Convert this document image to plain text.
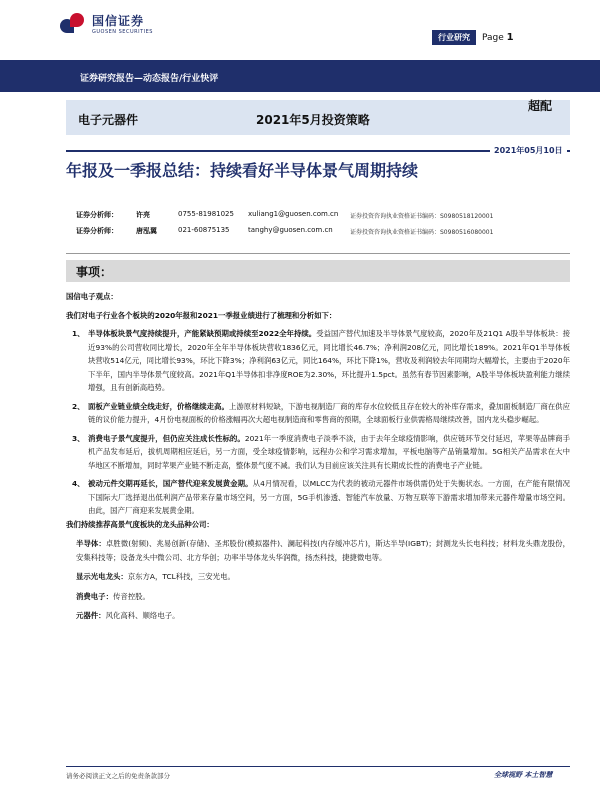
国信证券
GUOSEN SECURITIES
行业研究	Page 1
证券研究报告—动态报告/行业快评
电子元器件	2021年5月投资策略
超配
2021年05月10日
年报及一季报总结：持续看好半导体景气周期持续
证券分析师：	许亮	0755-81981025	xuliang1@guosen.com.cn	证券投资咨询执业资格证书编码：S0980518120001
证券分析师：	唐泓翼	021-60875135	tanghy@guosen.com.cn	证券投资咨询执业资格证书编码：S0980516080001
事项：

国信电子观点：

我们对电子行业各个板块的2020年报和2021一季报业绩进行了梳理和分析如下：

1、 半导体板块景气度持续提升，产能紧缺预期或持续至2022全年持续。受益国产替代加速及半导体景气度较高，2020年及21Q1 A股半导体板块：接近93%的公司营收同比增长，2020年全年半导体板块营收1836亿元，同比增长46.7%；净利润208亿元，同比增长189%。2021年Q1半导体板块营收514亿元，同比增长93%，环比下降3%；净利润63亿元，同比164%，环比下降1%，营收及利润较去年同期均大幅增长，主要由于2020年下半年，国内半导体景气度较高。2021年Q1半导体扣非净度ROE为2.30%，环比提升1.5pct。虽然有春节因素影响，A股半导体板块盈利能力继续增强，且有创新高趋势。
2、 面板产业链业绩全线走好，价格继续走高。上游原材料短缺，下游电视制造厂商的库存水位较低且存在较大的补库存需求，叠加面板制造厂商在供应链的议价能力提升，4月份电视面板的价格涨幅再次大超电视制造商和零售商的预期，全球面板行业供需格局继续改善，国内龙头稳步崛起。
3、 消费电子景气度提升，但仍应关注成长性标的。2021年一季度消费电子淡季不淡，由于去年全球疫情影响，供应链环节交付延迟，苹果等品牌商手机产品发布延后，拔机周期相应延后，另一方面，受全球疫情影响，远程办公和学习需求增加，平板电脑等产品销量增加。5G相关产品需求在大中华地区不断增加，同时苹果产业链不断走高，整体景气度不减。我们认为目前应该关注具有长期成长性的消费电子产业链。
4、 被动元件交期再延长，国产替代迎来发展黄金期。从4月情况看，以MLCC为代表的被动元器件市场供需仍处于失衡状态。一方面，在产能有限情况下国际大厂选择退出低利润产品带来存量市场空间，另一方面，5G手机渗透、智能汽车放量、万物互联等下游需求增加带来元器件增量市场空间。由此，国产厂商迎来发展黄金期。

我们持续推荐高景气度板块的龙头品种公司：

半导体：卓胜微(射频)、兆易创新(存储)、圣邦股份(模拟器件)、澜起科技(内存缓冲芯片)，斯达半导(IGBT)；封测龙头长电科技；材料龙头鼎龙股份，安集科技等；设备龙头中微公司、北方华创；功率半导体龙头华润微，扬杰科技，捷捷微电等。
显示光电龙头：京东方A，TCL科技，三安光电。
消费电子：传音控股。
元器件：风化高科、顺络电子。
请务必阅读正文之后的免责条款部分	全球视野 本土智慧
